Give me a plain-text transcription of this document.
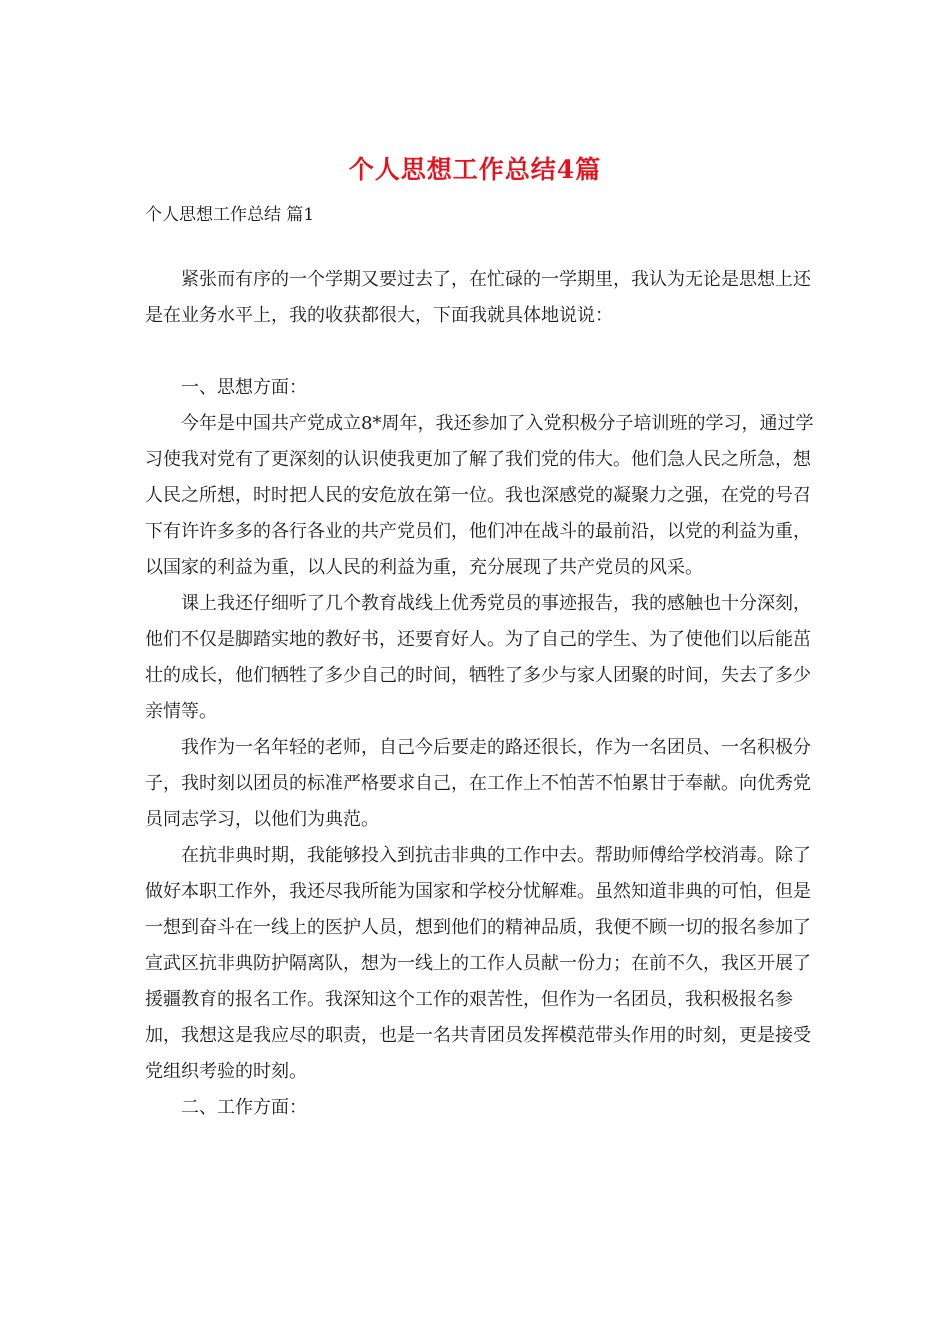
个人思想工作总结4篇
个人思想工作总结 篇1

紧张而有序的一个学期又要过去了，在忙碌的一学期里，我认为无论是思想上还是在业务水平上，我的收获都很大，下面我就具体地说说：

一、思想方面：

今年是中国共产党成立8*周年，我还参加了入党积极分子培训班的学习，通过学习使我对党有了更深刻的认识使我更加了解了我们党的伟大。他们急人民之所急，想人民之所想，时时把人民的安危放在第一位。我也深感党的凝聚力之强，在党的号召下有许许多多的各行各业的共产党员们，他们冲在战斗的最前沿，以党的利益为重，以国家的利益为重，以人民的利益为重，充分展现了共产党员的风采。

课上我还仔细听了几个教育战线上优秀党员的事迹报告，我的感触也十分深刻，他们不仅是脚踏实地的教好书，还要育好人。为了自己的学生、为了使他们以后能茁壮的成长，他们牺牲了多少自己的时间，牺牲了多少与家人团聚的时间，失去了多少亲情等。

我作为一名年轻的老师，自己今后要走的路还很长，作为一名团员、一名积极分子，我时刻以团员的标准严格要求自己，在工作上不怕苦不怕累甘于奉献。向优秀党员同志学习，以他们为典范。

在抗非典时期，我能够投入到抗击非典的工作中去。帮助师傅给学校消毒。除了做好本职工作外，我还尽我所能为国家和学校分忧解难。虽然知道非典的可怕，但是一想到奋斗在一线上的医护人员，想到他们的精神品质，我便不顾一切的报名参加了宣武区抗非典防护隔离队，想为一线上的工作人员献一份力；在前不久，我区开展了援疆教育的报名工作。我深知这个工作的艰苦性，但作为一名团员，我积极报名参加，我想这是我应尽的职责，也是一名共青团员发挥模范带头作用的时刻，更是接受党组织考验的时刻。

二、工作方面：
